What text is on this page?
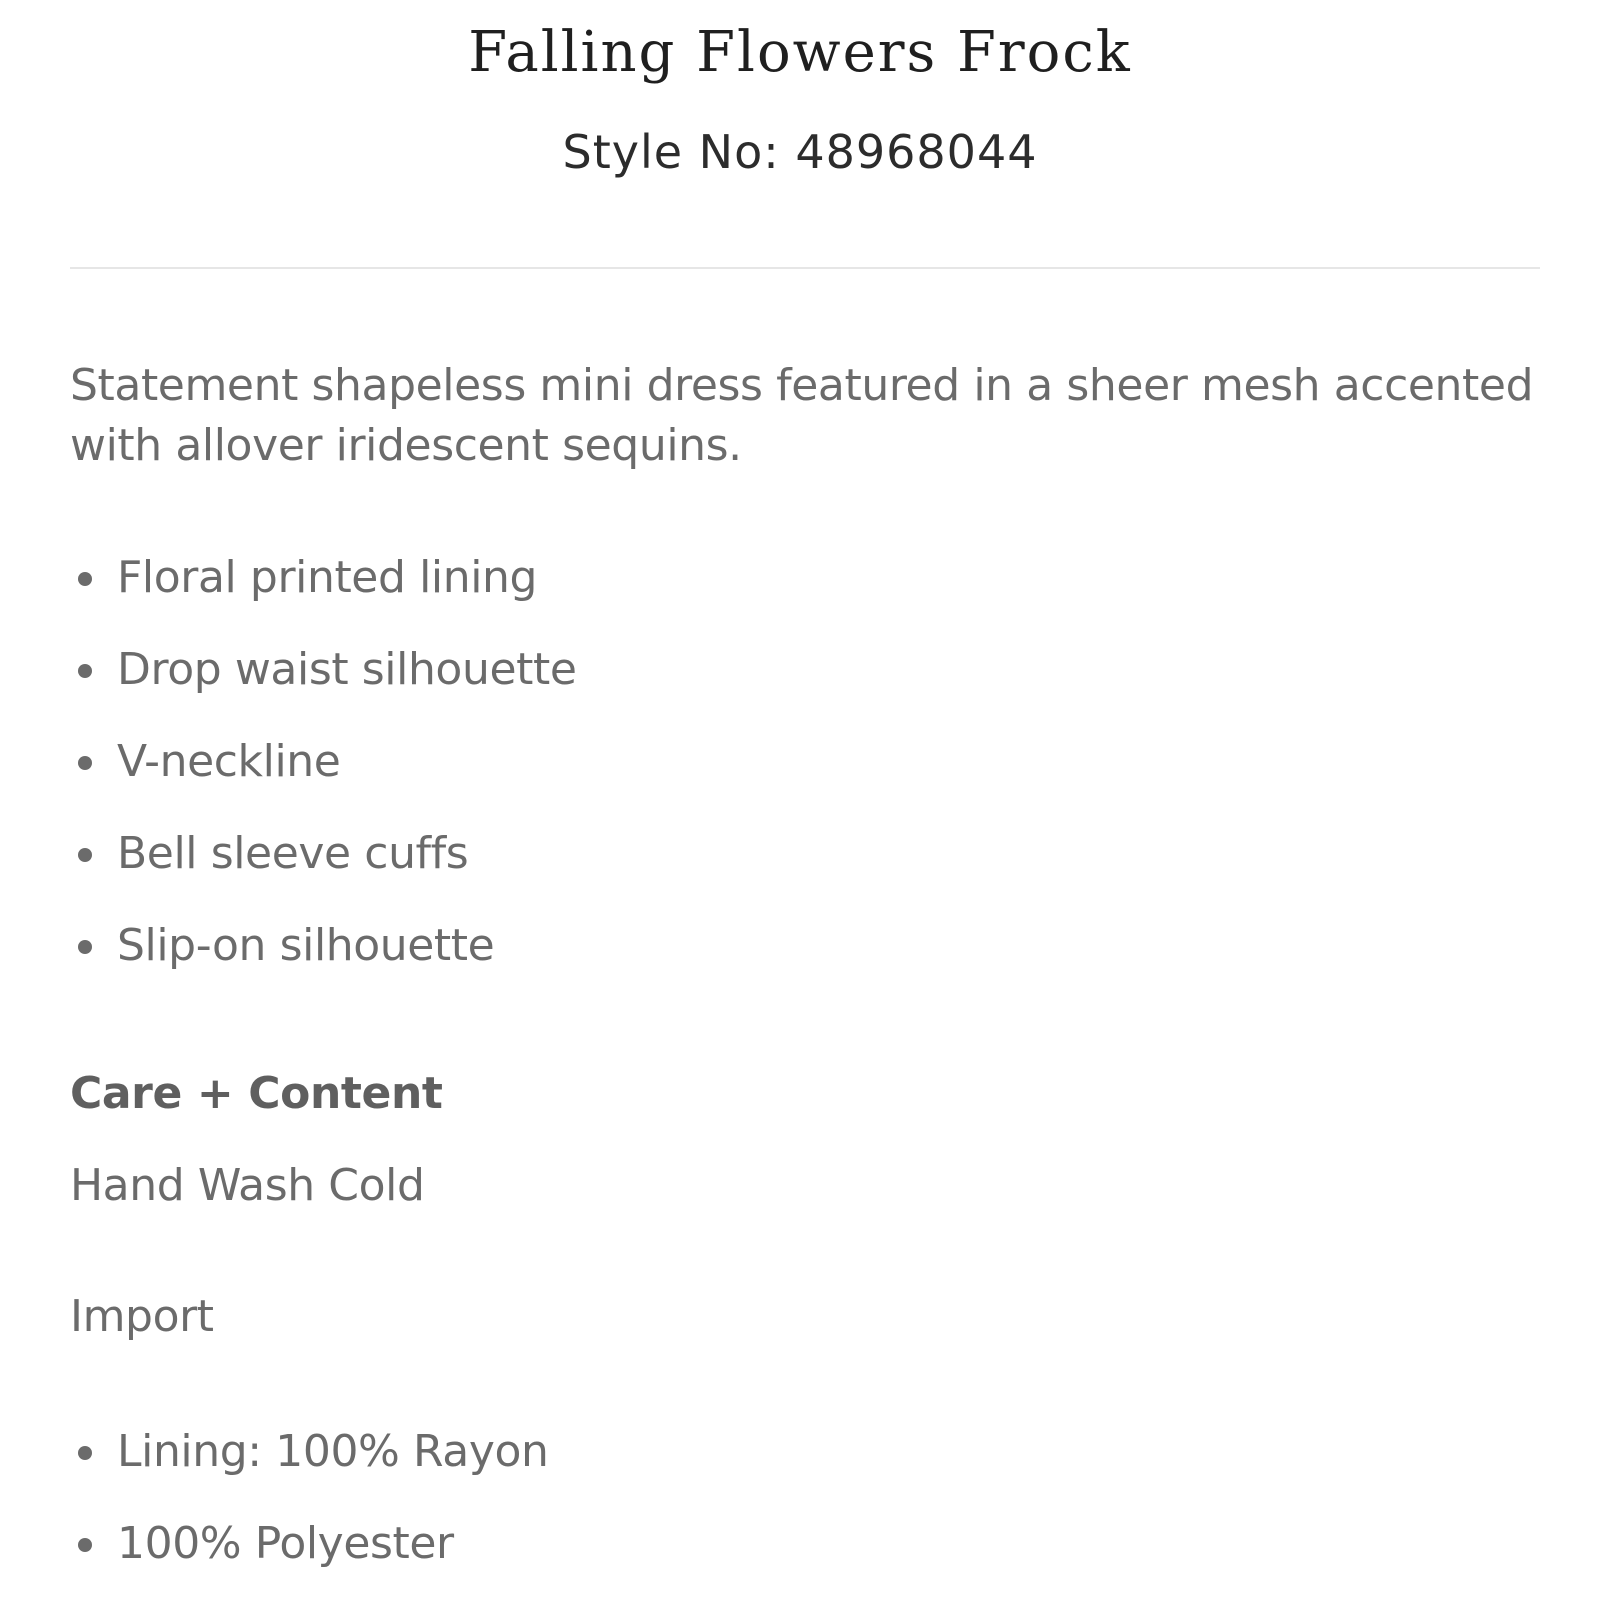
Falling Flowers Frock
Style No: 48968044

Statement shapeless mini dress featured in a sheer mesh accented with allover iridescent sequins.

Floral printed lining
Drop waist silhouette
V-neckline
Bell sleeve cuffs
Slip-on silhouette
Care + Content
Hand Wash Cold
Import
Lining: 100% Rayon
100% Polyester
